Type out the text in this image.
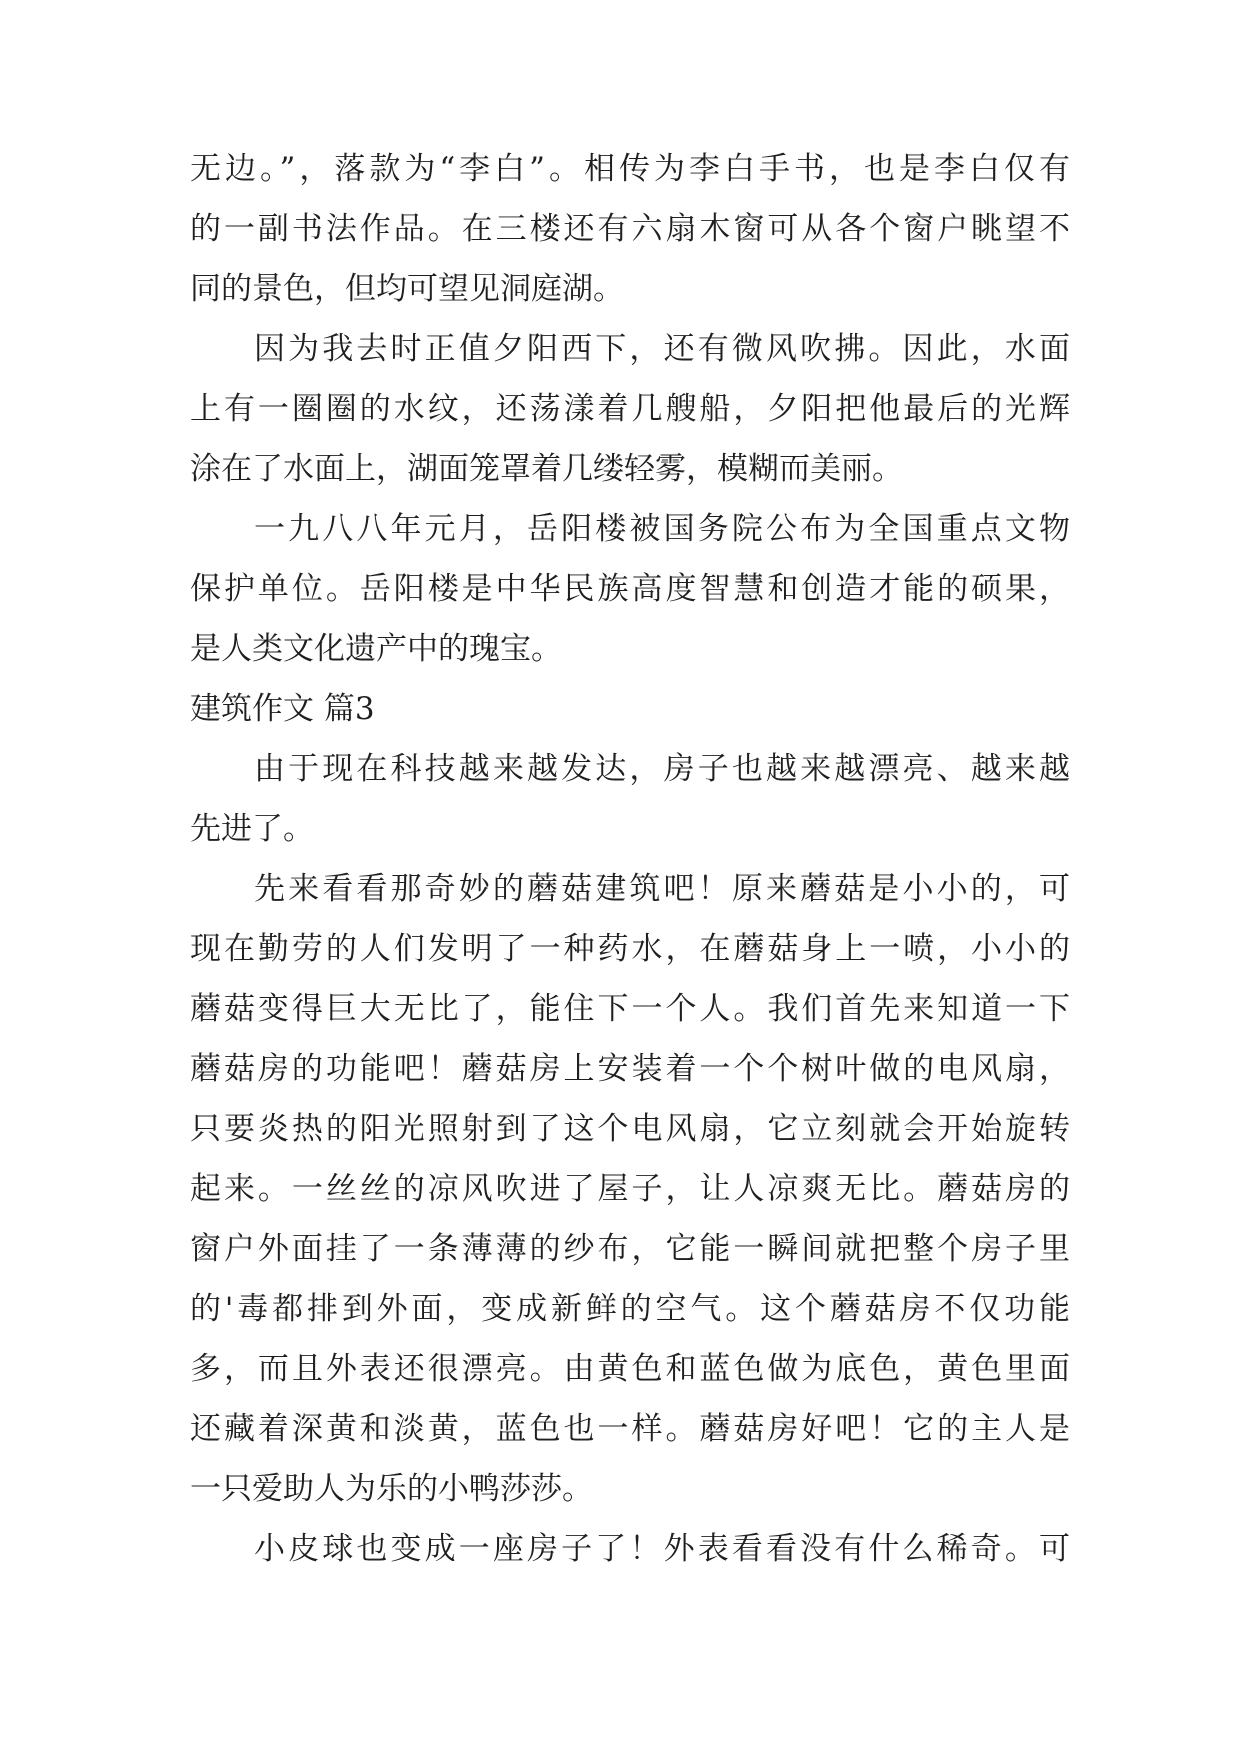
无边。”，落款为“李白”。相传为李白手书，也是李白仅有
的一副书法作品。在三楼还有六扇木窗可从各个窗户眺望不
同的景色，但均可望见洞庭湖。
因为我去时正值夕阳西下，还有微风吹拂。因此，水面
上有一圈圈的水纹，还荡漾着几艘船，夕阳把他最后的光辉
涂在了水面上，湖面笼罩着几缕轻雾，模糊而美丽。
一九八八年元月，岳阳楼被国务院公布为全国重点文物
保护单位。岳阳楼是中华民族高度智慧和创造才能的硕果，
是人类文化遗产中的瑰宝。
建筑作文 篇3
由于现在科技越来越发达，房子也越来越漂亮、越来越
先进了。
先来看看那奇妙的蘑菇建筑吧！原来蘑菇是小小的，可
现在勤劳的人们发明了一种药水，在蘑菇身上一喷，小小的
蘑菇变得巨大无比了，能住下一个人。我们首先来知道一下
蘑菇房的功能吧！蘑菇房上安装着一个个树叶做的电风扇，
只要炎热的阳光照射到了这个电风扇，它立刻就会开始旋转
起来。一丝丝的凉风吹进了屋子，让人凉爽无比。蘑菇房的
窗户外面挂了一条薄薄的纱布，它能一瞬间就把整个房子里
的'毒都排到外面，变成新鲜的空气。这个蘑菇房不仅功能
多，而且外表还很漂亮。由黄色和蓝色做为底色，黄色里面
还藏着深黄和淡黄，蓝色也一样。蘑菇房好吧！它的主人是
一只爱助人为乐的小鸭莎莎。
小皮球也变成一座房子了！外表看看没有什么稀奇。可
